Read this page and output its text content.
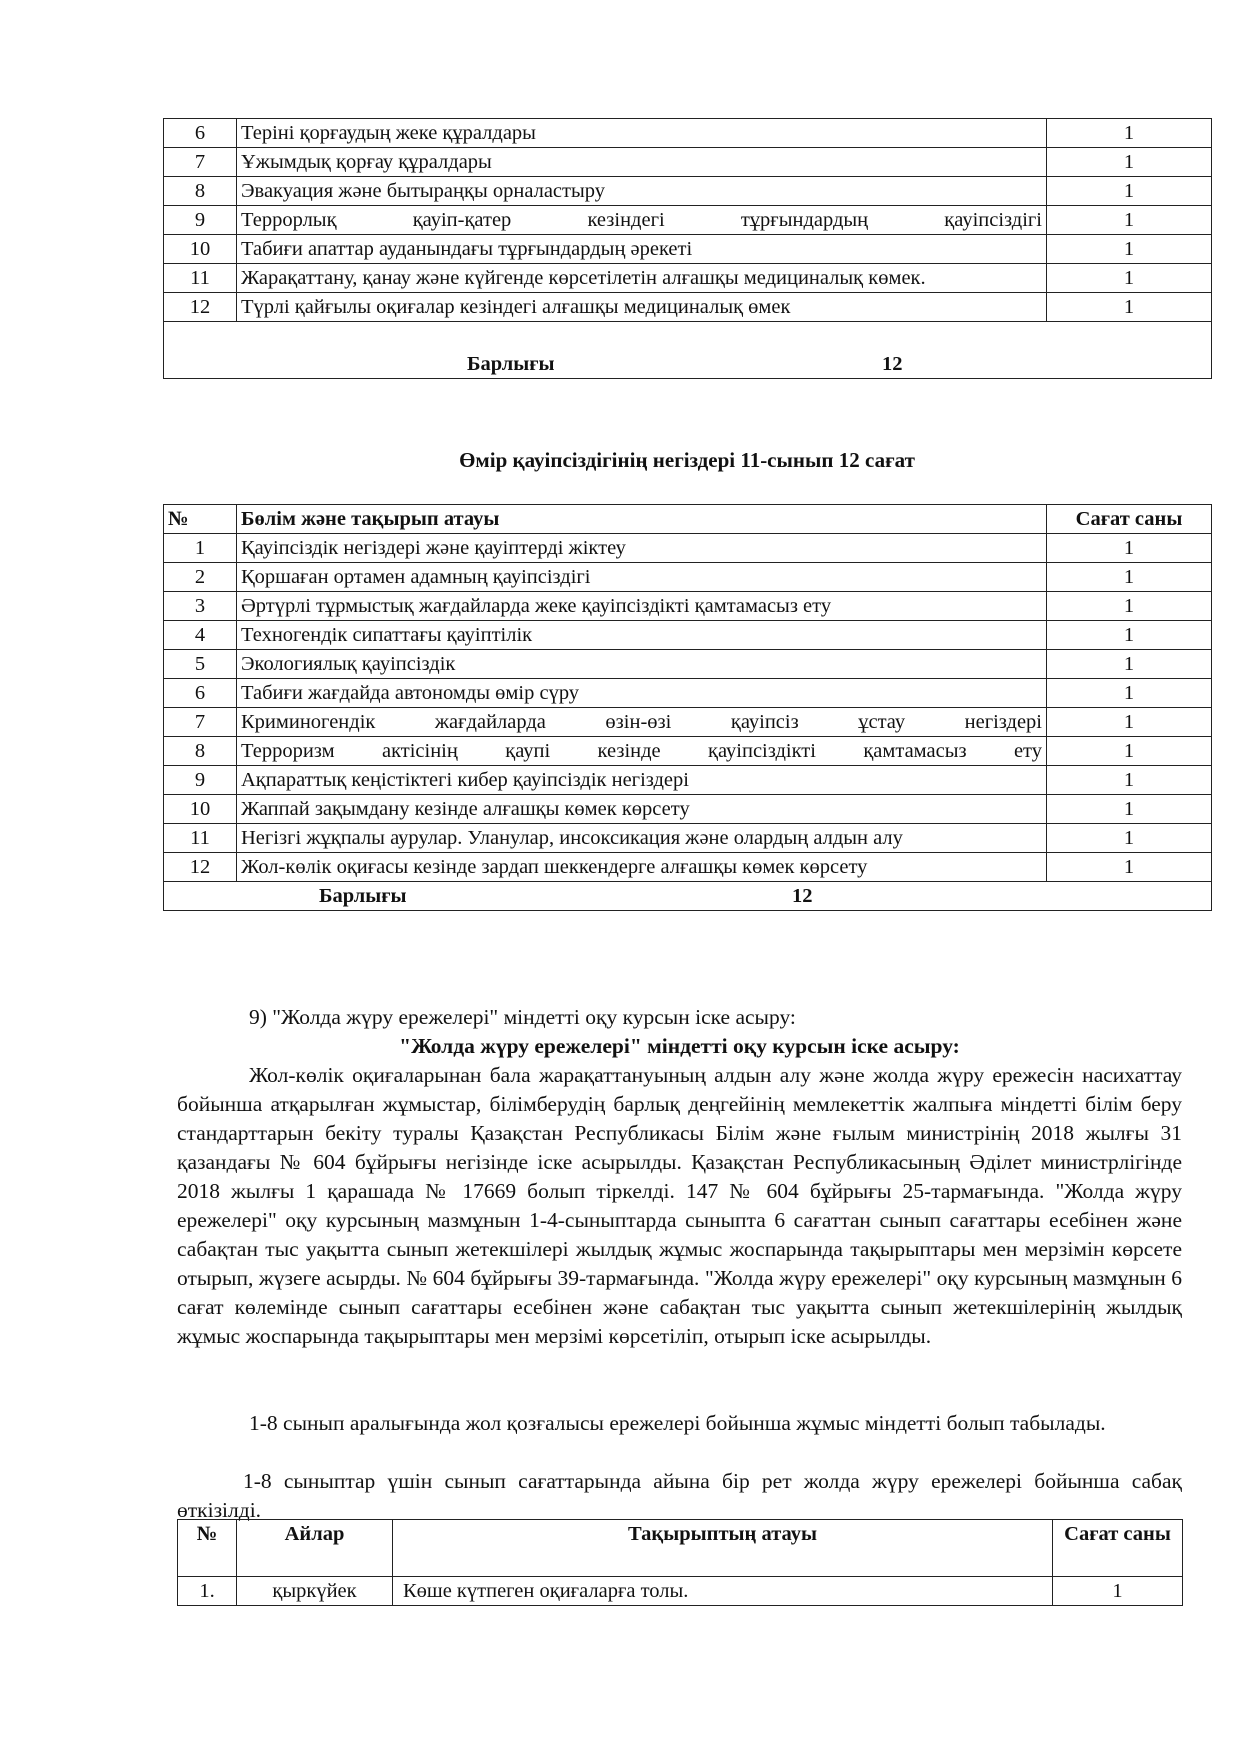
6	Теріні қорғаудың жеке құралдары	1
7	Ұжымдық қорғау құралдары	1
8	Эвакуация және бытыраңқы орналастыру	1
9	Террорлық қауіп-қатер кезіндегі тұрғындардың қауіпсіздігі	1
10	Табиғи апаттар ауданындағы тұрғындардың әрекеті	1
11	Жарақаттану, қанау және күйгенде көрсетілетін алғашқы медициналық көмек.	1
12	Түрлі қайғылы оқиғалар кезіндегі алғашқы медициналық өмек	1

Барлығы 12		
Өмір қауіпсіздігінің негіздері 11-сынып 12 сағат
№	Бөлім және тақырып атауы	Сағат саны
1	Қауіпсіздік негіздері және қауіптерді жіктеу	1
2	Қоршаған ортамен адамның қауіпсіздігі	1
3	Әртүрлі тұрмыстық жағдайларда жеке қауіпсіздікті қамтамасыз ету	1
4	Техногендік сипаттағы қауіптілік	1
5	Экологиялық қауіпсіздік	1
6	Табиғи жағдайда автономды өмір сүру	1
7	Криминогендік жағдайларда өзін-өзі қауіпсіз ұстау негіздері	1
8	Терроризм актісінің қаупі кезінде қауіпсіздікті қамтамасыз ету	1
9	Ақпараттық кеңістіктегі кибер қауіпсіздік негіздері	1
10	Жаппай зақымдану кезінде алғашқы көмек көрсету	1
11	Негізгі жұқпалы аурулар. Уланулар, инсоксикация және олардың алдын алу	1
12	Жол-көлік оқиғасы кезінде зардап шеккендерге алғашқы көмек көрсету	1

Барлығы 12		
9) "Жолда жүру ережелері" міндетті оқу курсын іске асыру:
"Жолда жүру ережелері" міндетті оқу курсын іске асыру:

Жол-көлік оқиғаларынан бала жарақаттануының алдын алу және жолда жүру ережесін насихаттау бойынша атқарылған жұмыстар, білімберудің барлық деңгейінің мемлекеттік жалпыға міндетті білім беру стандарттарын бекіту туралы Қазақстан Республикасы Білім және ғылым министрінің 2018 жылғы 31 қазандағы № 604 бұйрығы негізінде іске асырылды. Қазақстан Республикасының Әділет министрлігінде 2018 жылғы 1 қарашада № 17669 болып тіркелді. 147 № 604 бұйрығы 25-тармағында. "Жолда жүру ережелері" оқу курсының мазмұнын 1-4-сыныптарда сыныпта 6 сағаттан сынып сағаттары есебінен және сабақтан тыс уақытта сынып жетекшілері жылдық жұмыс жоспарында тақырыптары мен мерзімін көрсете отырып, жүзеге асырды. № 604 бұйрығы 39-тармағында. "Жолда жүру ережелері" оқу курсының мазмұнын 6 сағат көлемінде сынып сағаттары есебінен және сабақтан тыс уақытта сынып жетекшілерінің жылдық жұмыс жоспарында тақырыптары мен мерзімі көрсетіліп, отырып іске асырылды.

1-8 сынып аралығында жол қозғалысы ережелері бойынша жұмыс міндетті болып табылады.

1-8 сыныптар үшін сынып сағаттарында айына бір рет жолда жүру ережелері бойынша сабақ өткізілді.

№	Айлар	Тақырыптың атауы	Сағат саны
1.	қыркүйек	Көше күтпеген оқиғаларға толы.	1
